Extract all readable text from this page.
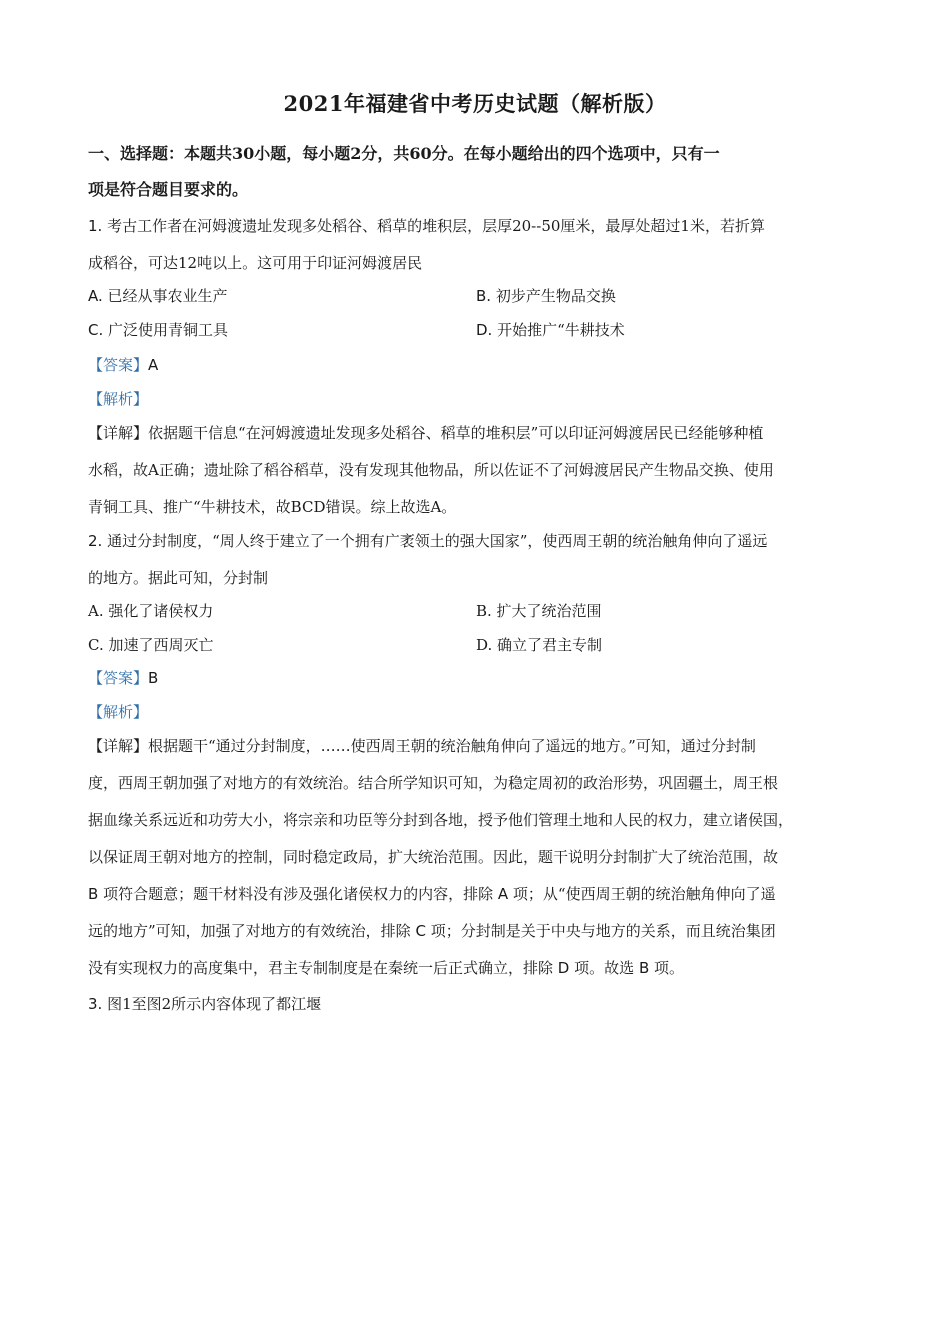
2021年福建省中考历史试题（解析版）
一、选择题：本题共30小题，每小题2分，共60分。在每小题给出的四个选项中，只有一
项是符合题目要求的。
1. 考古工作者在河姆渡遗址发现多处稻谷、稻草的堆积层，层厚20--50厘米，最厚处超过1米，若折算
成稻谷，可达12吨以上。这可用于印证河姆渡居民
A. 已经从事农业生产	B. 初步产生物品交换
C. 广泛使用青铜工具	D. 开始推广“牛耕技术
【答案】A
【解析】
【详解】依据题干信息“在河姆渡遗址发现多处稻谷、稻草的堆积层”可以印证河姆渡居民已经能够种植
水稻，故A正确；遗址除了稻谷稻草，没有发现其他物品，所以佐证不了河姆渡居民产生物品交换、使用
青铜工具、推广“牛耕技术，故BCD错误。综上故选A。
2. 通过分封制度，“周人终于建立了一个拥有广袤领土的强大国家”，使西周王朝的统治触角伸向了遥远
的地方。据此可知，分封制
A. 强化了诸侯权力	B. 扩大了统治范围
C. 加速了西周灭亡	D. 确立了君主专制
【答案】B
【解析】
【详解】根据题干“通过分封制度，……使西周王朝的统治触角伸向了遥远的地方。”可知，通过分封制
度，西周王朝加强了对地方的有效统治。结合所学知识可知，为稳定周初的政治形势，巩固疆土，周王根
据血缘关系远近和功劳大小，将宗亲和功臣等分封到各地，授予他们管理土地和人民的权力，建立诸侯国，
以保证周王朝对地方的控制，同时稳定政局，扩大统治范围。因此，题干说明分封制扩大了统治范围，故
B 项符合题意；题干材料没有涉及强化诸侯权力的内容，排除 A 项；从“使西周王朝的统治触角伸向了遥
远的地方”可知，加强了对地方的有效统治，排除 C 项；分封制是关于中央与地方的关系，而且统治集团
没有实现权力的高度集中，君主专制制度是在秦统一后正式确立，排除 D 项。故选 B 项。
3. 图1至图2所示内容体现了都江堰
